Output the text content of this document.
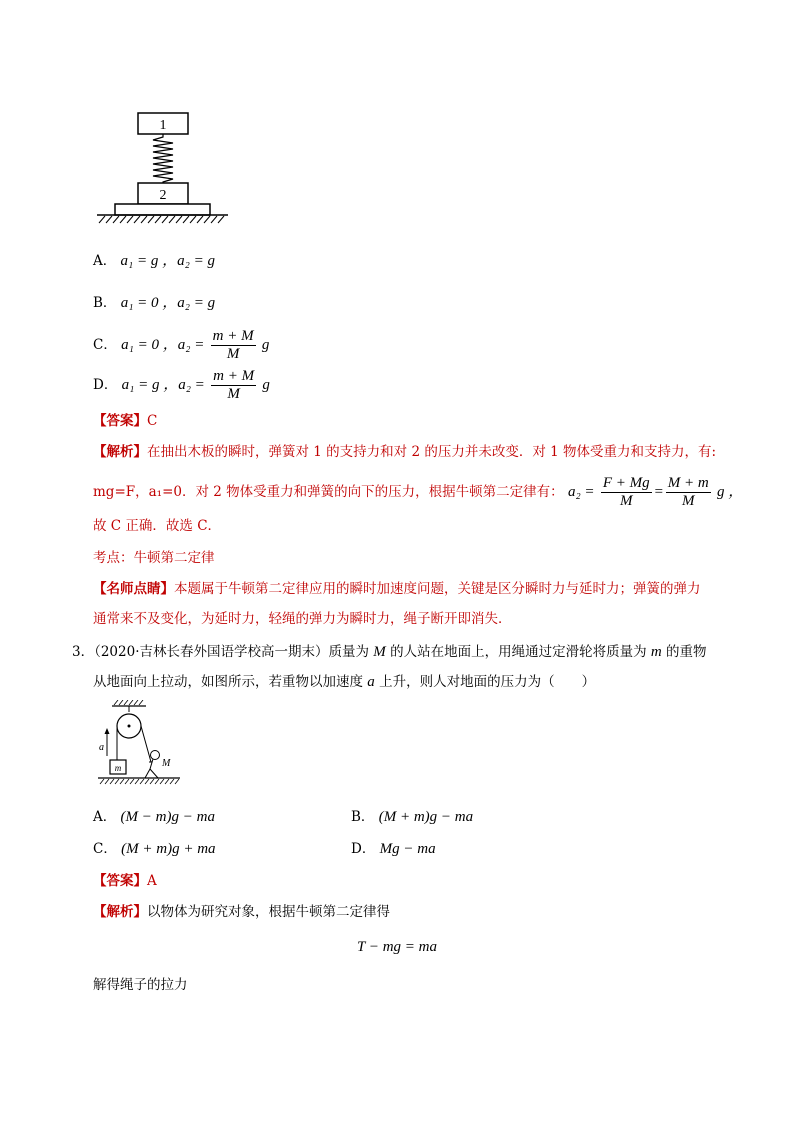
1
2
A． a₁ = g ，a₂ = g
B． a₁ = 0 ，a₂ = g
C． a₁ = 0 ，$a_2 = \frac{m + M}{M}$ g
D． a₁ = g ，$a_2 = \frac{m + M}{M}$ g
【答案】C
【解析】在抽出木板的瞬时，弹簧对 1 的支持力和对 2 的压力并未改变．对 1 物体受重力和支持力，有:
mg=F，a₁=0．对 2 物体受重力和弹簧的向下的压力，根据牛顿第二定律有： $a_2 = \frac{F + Mg}{M} = \frac{M + m}{M}$ g ，
故 C 正确．故选 C．
考点：牛顿第二定律
【名师点睛】本题属于牛顿第二定律应用的瞬时加速度问题，关键是区分瞬时力与延时力；弹簧的弹力
通常来不及变化，为延时力，轻绳的弹力为瞬时力，绳子断开即消失．
3．（2020·吉林长春外国语学校高一期末）质量为 M 的人站在地面上，用绳通过定滑轮将质量为 m 的重物
从地面向上拉动，如图所示，若重物以加速度 a 上升，则人对地面的压力为（　　）
a
m	M
A． (M − m)g − ma	B． (M + m)g − ma
C． (M + m)g + ma	D． Mg − ma
【答案】A
【解析】以物体为研究对象，根据牛顿第二定律得
T − mg = ma
解得绳子的拉力
